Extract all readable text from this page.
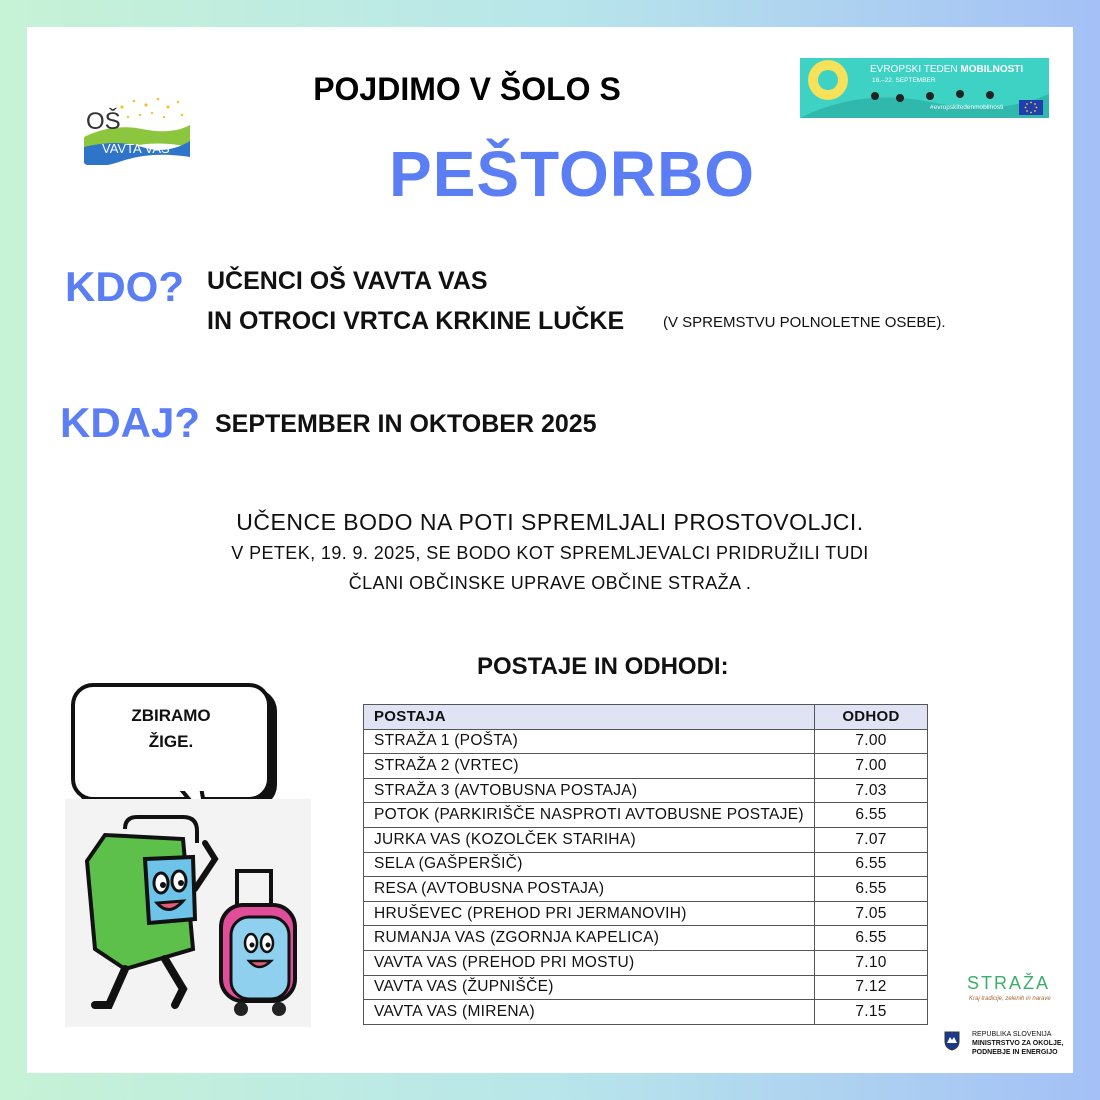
OŠ
VAVTA VAS
POJDIMO V ŠOLO S
PEŠTORBO
EVROPSKI TEDEN MOBILNOSTI
16.–22. SEPTEMBER
#evropskitedenmobilnosti
KDO? UČENCI OŠ VAVTA VAS
IN OTROCI VRTCA KRKINE LUČKE	(V SPREMSTVU POLNOLETNE OSEBE).
KDAJ? SEPTEMBER IN OKTOBER 2025
UČENCE BODO NA POTI SPREMLJALI PROSTOVOLJCI.
V PETEK, 19. 9. 2025, SE BODO KOT SPREMLJEVALCI PRIDRUŽILI TUDI
ČLANI OBČINSKE UPRAVE OBČINE STRAŽA .
POSTAJE IN ODHODI:
ZBIRAMO
ŽIGE.
POSTAJA	ODHOD
STRAŽA 1 (POŠTA)	7.00
STRAŽA 2 (VRTEC)	7.00
STRAŽA 3 (AVTOBUSNA POSTAJA)	7.03
POTOK (PARKIRIŠČE NASPROTI AVTOBUSNE POSTAJE)	6.55
JURKA VAS (KOZOLČEK STARIHA)	7.07
SELA (GAŠPERŠIČ)	6.55
RESA (AVTOBUSNA POSTAJA)	6.55
HRUŠEVEC (PREHOD PRI JERMANOVIH)	7.05
RUMANJA VAS (ZGORNJA KAPELICA)	6.55
VAVTA VAS (PREHOD PRI MOSTU)	7.10
VAVTA VAS (ŽUPNIŠČE)	7.12
VAVTA VAS (MIRENA)	7.15
STRAŽA
Kraj tradicije, zelenih in narave
REPUBLIKA SLOVENIJA
MINISTRSTVO ZA OKOLJE,
PODNEBJE IN ENERGIJO
